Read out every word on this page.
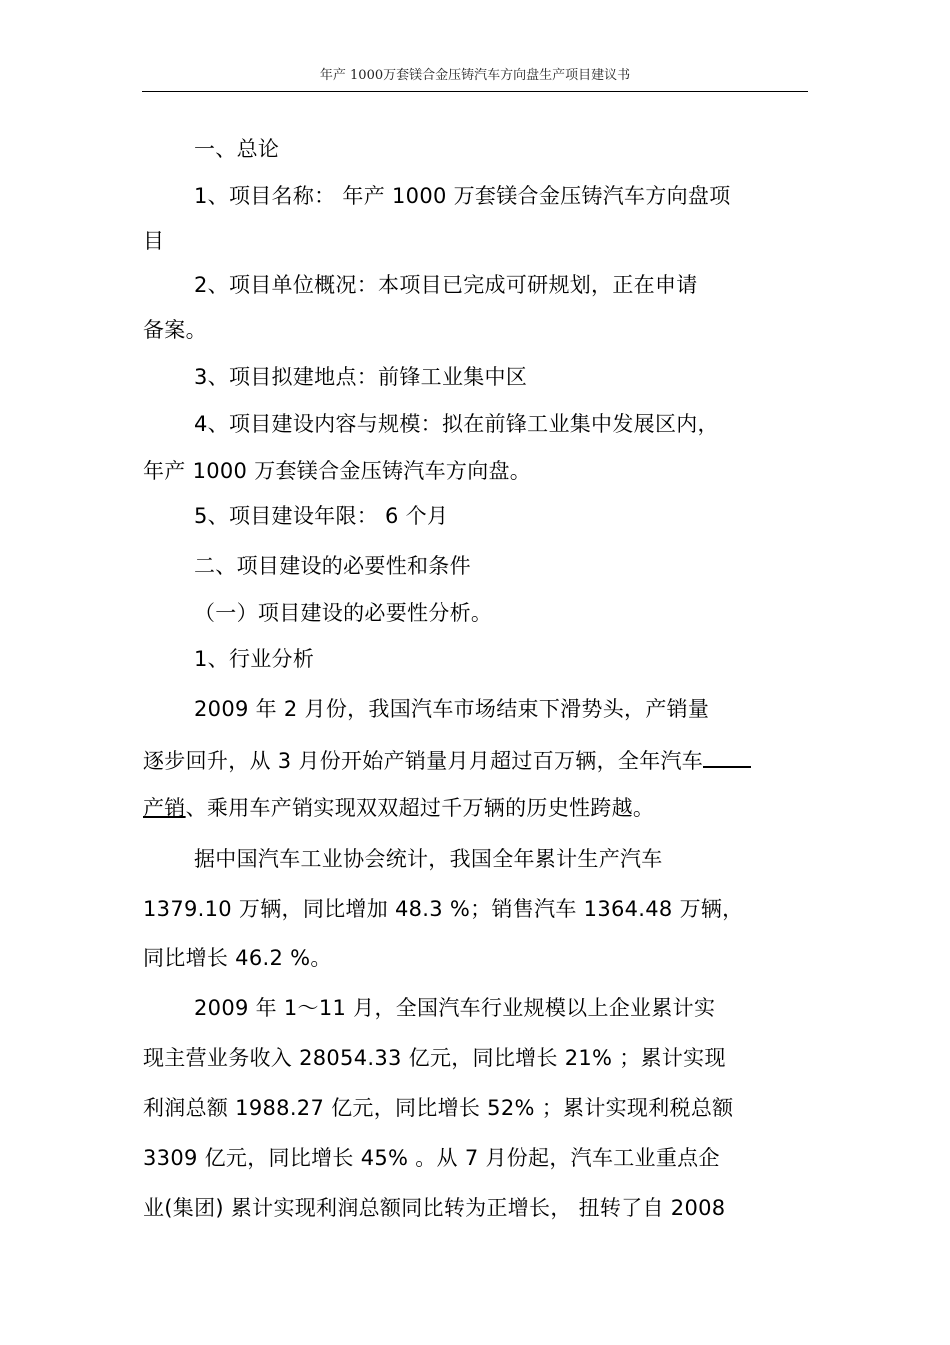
年产 1000万套镁合金压铸汽车方向盘生产项目建议书
一、总论
1、项目名称： 年产 1000 万套镁合金压铸汽车方向盘项
目
2、项目单位概况：本项目已完成可研规划，正在申请
备案。
3、项目拟建地点：前锋工业集中区
4、项目建设内容与规模：拟在前锋工业集中发展区内，
年产 1000 万套镁合金压铸汽车方向盘。
5、项目建设年限： 6 个月
二、项目建设的必要性和条件
（一）项目建设的必要性分析。
1、行业分析
2009 年 2 月份，我国汽车市场结束下滑势头，产销量
逐步回升，从 3 月份开始产销量月月超过百万辆，全年汽车
产销、乘用车产销实现双双超过千万辆的历史性跨越。
据中国汽车工业协会统计，我国全年累计生产汽车
1379.10 万辆，同比增加 48.3 %；销售汽车 1364.48 万辆，
同比增长 46.2 %。
2009 年 1～11 月，全国汽车行业规模以上企业累计实
现主营业务收入 28054.33 亿元，同比增长 21% ；累计实现
利润总额 1988.27 亿元，同比增长 52% ；累计实现利税总额
3309 亿元，同比增长 45% 。从 7 月份起，汽车工业重点企
业(集团) 累计实现利润总额同比转为正增长， 扭转了自 2008
